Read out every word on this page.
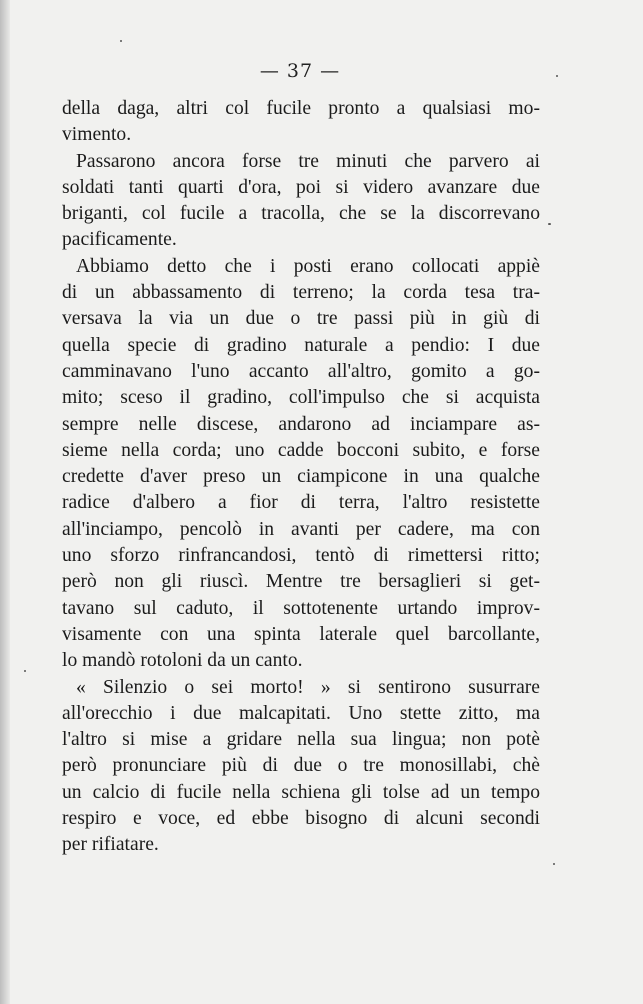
— 37 —
della daga, altri col fucile pronto a qualsiasi mo-
vimento.
Passarono ancora forse tre minuti che parvero ai
soldati tanti quarti d'ora, poi si videro avanzare due
briganti, col fucile a tracolla, che se la discorrevano
pacificamente.
Abbiamo detto che i posti erano collocati appiè
di un abbassamento di terreno; la corda tesa tra-
versava la via un due o tre passi più in giù di
quella specie di gradino naturale a pendio: I due
camminavano l'uno accanto all'altro, gomito a go-
mito; sceso il gradino, coll'impulso che si acquista
sempre nelle discese, andarono ad inciampare as-
sieme nella corda; uno cadde bocconi subito, e forse
credette d'aver preso un ciampicone in una qualche
radice d'albero a fior di terra, l'altro resistette
all'inciampo, pencolò in avanti per cadere, ma con
uno sforzo rinfrancandosi, tentò di rimettersi ritto;
però non gli riuscì. Mentre tre bersaglieri si get-
tavano sul caduto, il sottotenente urtando improv-
visamente con una spinta laterale quel barcollante,
lo mandò rotoloni da un canto.
« Silenzio o sei morto! » si sentirono susurrare
all'orecchio i due malcapitati. Uno stette zitto, ma
l'altro si mise a gridare nella sua lingua; non potè
però pronunciare più di due o tre monosillabi, chè
un calcio di fucile nella schiena gli tolse ad un tempo
respiro e voce, ed ebbe bisogno di alcuni secondi
per rifiatare.
